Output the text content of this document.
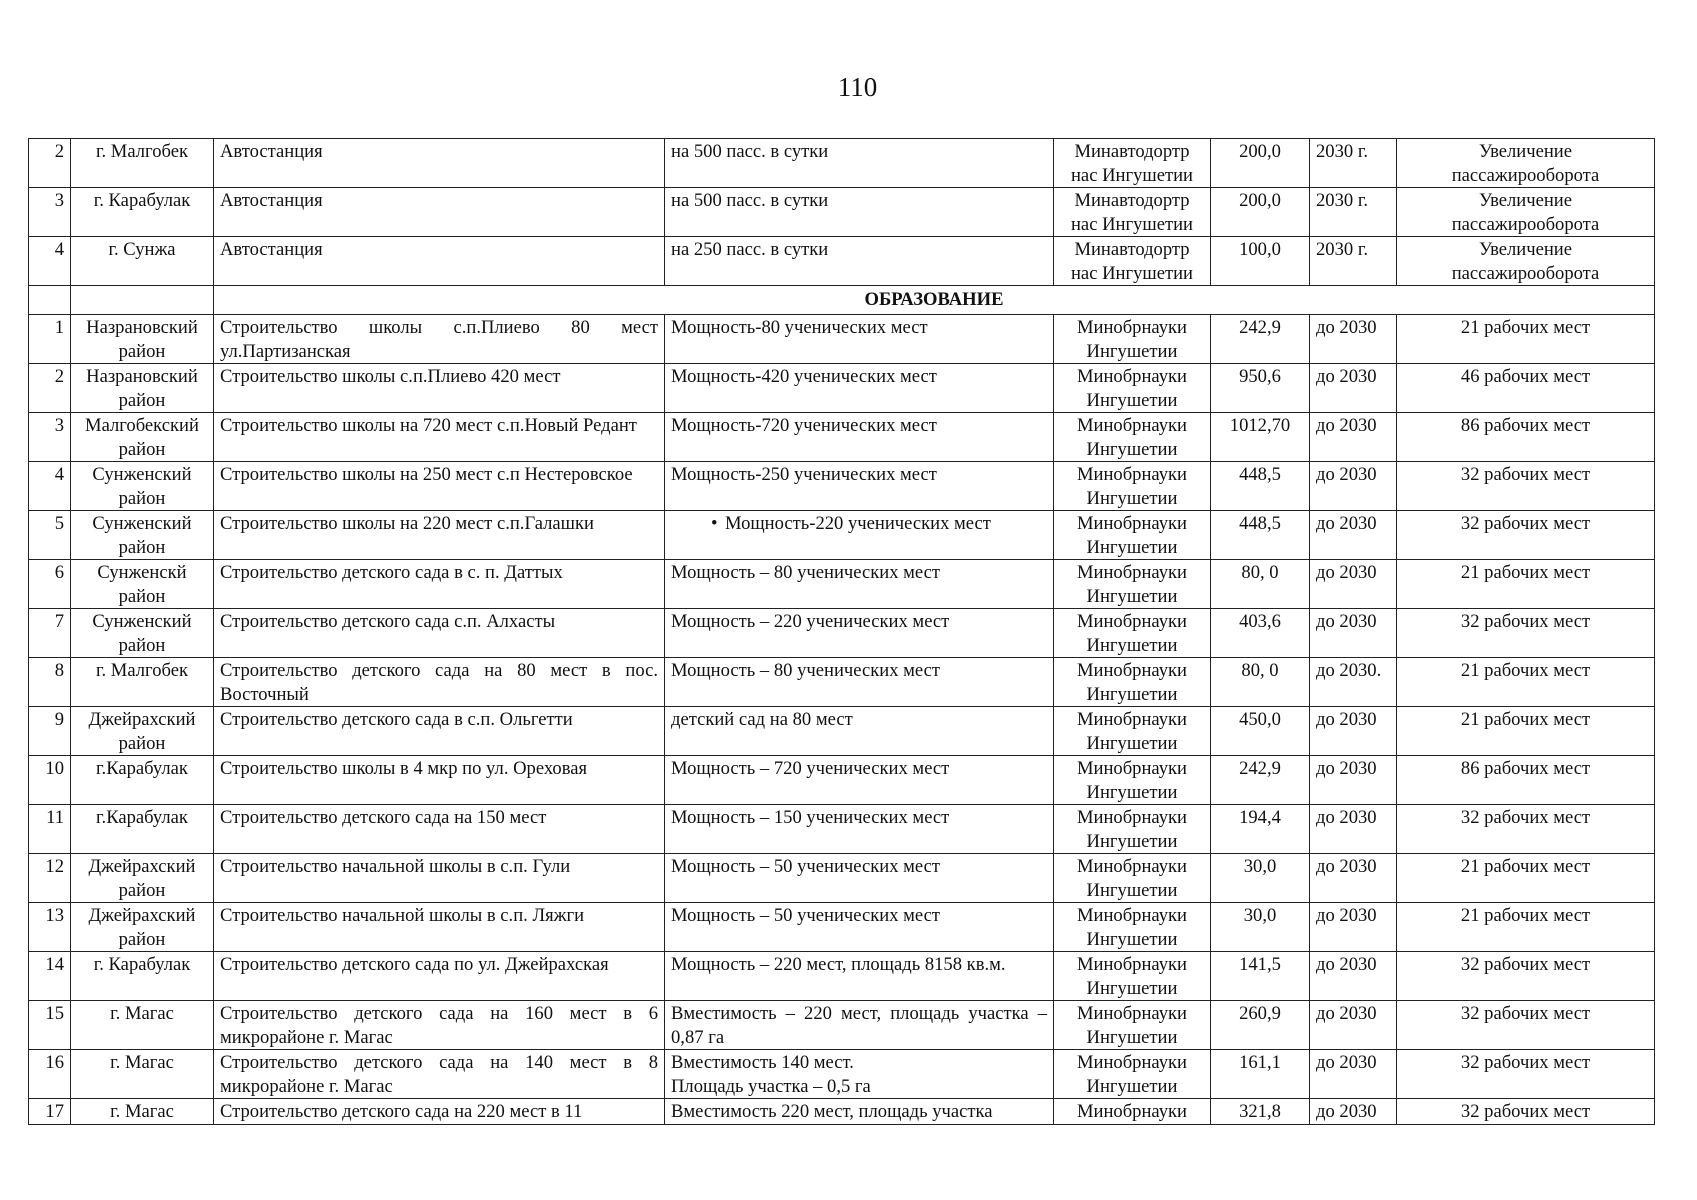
110
2	г. Малгобек	Автостанция	на 500 пасс. в сутки	Минавтодортр нас Ингушетии	200,0	2030 г.	Увеличение пассажирооборота
3	г. Карабулак	Автостанция	на 500 пасс. в сутки	Минавтодортр нас Ингушетии	200,0	2030 г.	Увеличение пассажирооборота
4	г. Сунжа	Автостанция	на 250 пасс. в сутки	Минавтодортр нас Ингушетии	100,0	2030 г.	Увеличение пассажирооборота
		ОБРАЗОВАНИЕ					
1	Назрановский район	Строительство школы с.п.Плиево 80 мест ул.Партизанская	Мощность-80 ученических мест	Минобрнауки Ингушетии	242,9	до 2030	21 рабочих мест
2	Назрановский район	Строительство школы с.п.Плиево 420 мест	Мощность-420 ученических мест	Минобрнауки Ингушетии	950,6	до 2030	46 рабочих мест
3	Малгобекский район	Строительство школы на 720 мест с.п.Новый Редант	Мощность-720 ученических мест	Минобрнауки Ингушетии	1012,70	до 2030	86 рабочих мест
4	Сунженский район	Строительство школы на 250 мест с.п Нестеровское	Мощность-250 ученических мест	Минобрнауки Ингушетии	448,5	до 2030	32 рабочих мест
5	Сунженский район	Строительство школы на 220 мест с.п.Галашки	• Мощность-220 ученических мест	Минобрнауки Ингушетии	448,5	до 2030	32 рабочих мест
6	Сунженскй район	Строительство детского сада в с. п. Даттых	Мощность – 80 ученических мест	Минобрнауки Ингушетии	80, 0	до 2030	21 рабочих мест
7	Сунженский район	Строительство детского сада с.п. Алхасты	Мощность – 220 ученических мест	Минобрнауки Ингушетии	403,6	до 2030	32 рабочих мест
8	г. Малгобек	Строительство детского сада на 80 мест в пос. Восточный	Мощность – 80 ученических мест	Минобрнауки Ингушетии	80, 0	до 2030.	21 рабочих мест
9	Джейрахский район	Строительство детского сада в с.п. Ольгетти	детский сад на 80 мест	Минобрнауки Ингушетии	450,0	до 2030	21 рабочих мест
10	г.Карабулак	Строительство школы в 4 мкр по ул. Ореховая	Мощность – 720 ученических мест	Минобрнауки Ингушетии	242,9	до 2030	86 рабочих мест
11	г.Карабулак	Строительство детского сада на 150 мест	Мощность – 150 ученических мест	Минобрнауки Ингушетии	194,4	до 2030	32 рабочих мест
12	Джейрахский район	Строительство начальной школы в с.п. Гули	Мощность – 50 ученических мест	Минобрнауки Ингушетии	30,0	до 2030	21 рабочих мест
13	Джейрахский район	Строительство начальной школы в с.п. Ляжги	Мощность – 50 ученических мест	Минобрнауки Ингушетии	30,0	до 2030	21 рабочих мест
14	г. Карабулак	Строительство детского сада по ул. Джейрахская	Мощность – 220 мест, площадь 8158 кв.м.	Минобрнауки Ингушетии	141,5	до 2030	32 рабочих мест
15	г. Магас	Строительство детского сада на 160 мест в 6 микрорайоне г. Магас	Вместимость – 220 мест, площадь участка – 0,87 га	Минобрнауки Ингушетии	260,9	до 2030	32 рабочих мест
16	г. Магас	Строительство детского сада на 140 мест в 8 микрорайоне г. Магас	Вместимость 140 мест.
Площадь участка – 0,5 га	Минобрнауки Ингушетии	161,1	до 2030	32 рабочих мест
17	г. Магас	Строительство детского сада на 220 мест в 11	Вместимость 220 мест, площадь участка	Минобрнауки	321,8	до 2030	32 рабочих мест
